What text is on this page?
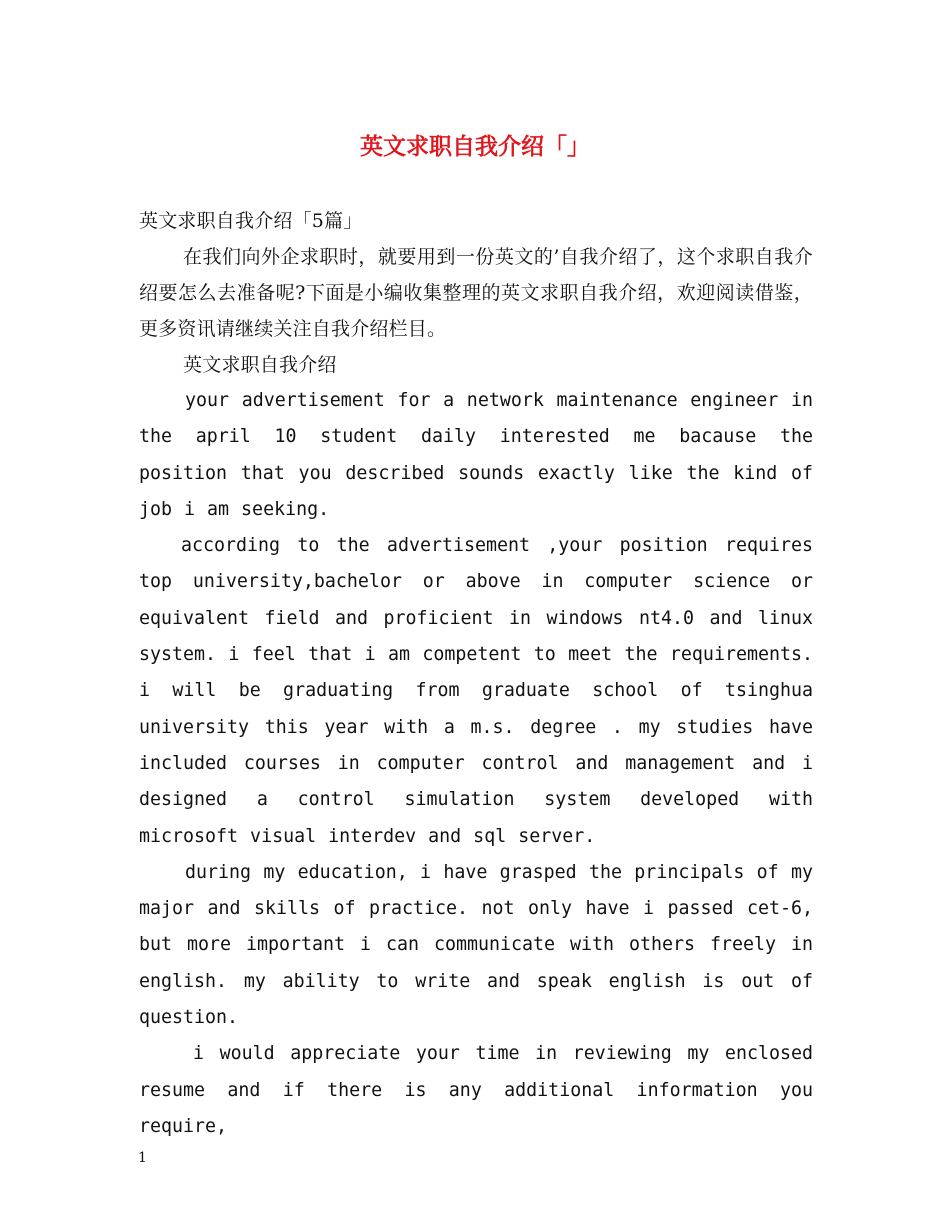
英文求职自我介绍「」

英文求职自我介绍「5篇」

在我们向外企求职时，就要用到一份英文的’自我介绍了，这个求职自我介绍要怎么去准备呢?下面是小编收集整理的英文求职自我介绍，欢迎阅读借鉴，更多资讯请继续关注自我介绍栏目。

英文求职自我介绍

your advertisement for a network maintenance engineer in the april 10 student daily interested me bacause the position that you described sounds exactly like the kind of job i am seeking.

according to the advertisement ,your position requires top university,bachelor or above in computer science or equivalent field and proficient in windows nt4.0 and linux system. i feel that i am competent to meet the requirements. i will be graduating from graduate school of tsinghua university this year with a m.s. degree . my studies have included courses in computer control and management and i designed a control simulation system developed with microsoft visual interdev and sql server.

during my education, i have grasped the principals of my major and skills of practice. not only have i passed cet-6, but more important i can communicate with others freely in english. my ability to write and speak english is out of question.

i would appreciate your time in reviewing my enclosed resume and if there is any additional information you require,

1
